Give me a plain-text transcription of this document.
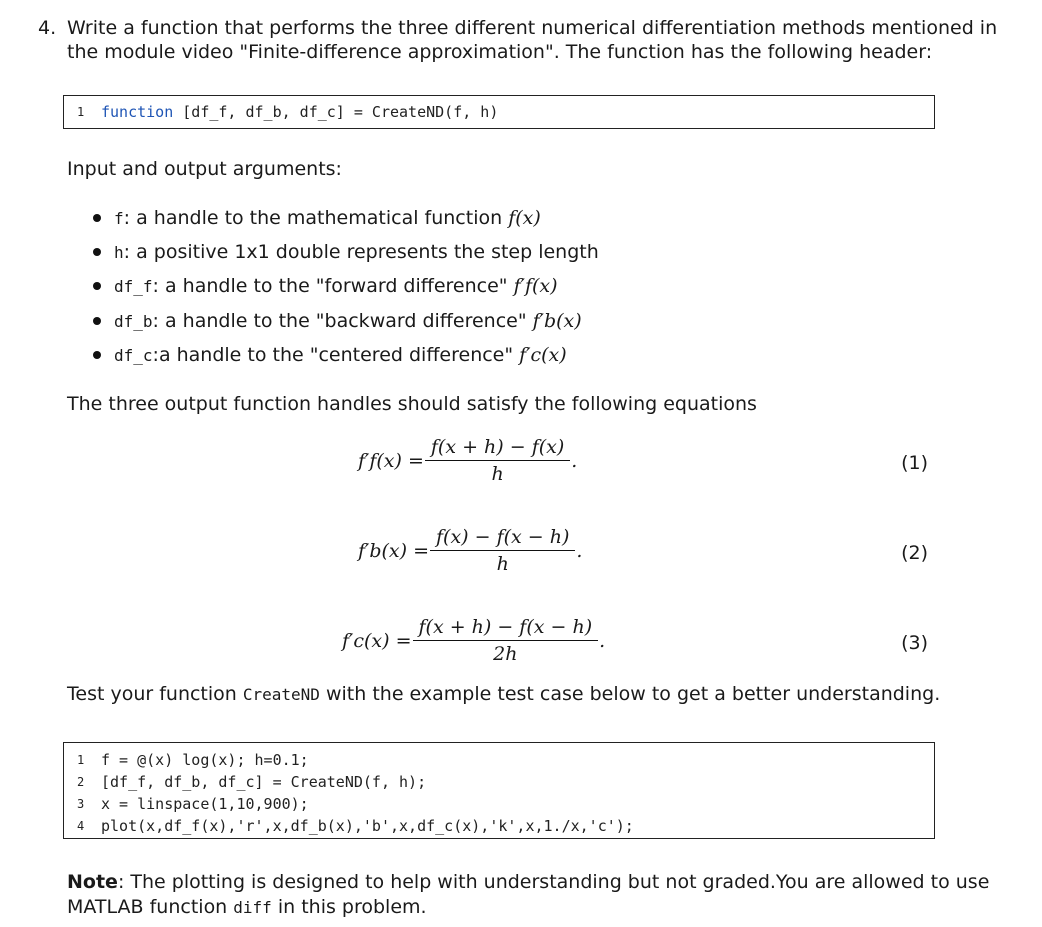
4. Write a function that performs the three different numerical differentiation methods mentioned in
the module video "Finite-difference approximation". The function has the following header:
1 function [df_f, df_b, df_c] = CreateND(f, h)
Input and output arguments:
f: a handle to the mathematical function f(x)
h: a positive 1x1 double represents the step length
df_f: a handle to the "forward difference" f′f(x)
df_b: a handle to the "backward difference" f′b(x)
df_c:a handle to the "centered difference" f′c(x)
The three output function handles should satisfy the following equations
$f'f(x) = \frac{f(x + h) - f(x)}{h}$ .	(1)
$f'b(x) = \frac{f(x) - f(x - h)}{h}$ .	(2)
$f'c(x) = \frac{f(x + h) - f(x - h)}{2h}$ .	(3)
Test your function CreateND with the example test case below to get a better understanding.
1 f = @(x) log(x); h=0.1;
2 [df_f, df_b, df_c] = CreateND(f, h);
3 x = linspace(1,10,900);
4 plot(x,df_f(x),'r',x,df_b(x),'b',x,df_c(x),'k',x,1./x,'c');
Note: The plotting is designed to help with understanding but not graded.You are allowed to use
MATLAB function diff in this problem.
